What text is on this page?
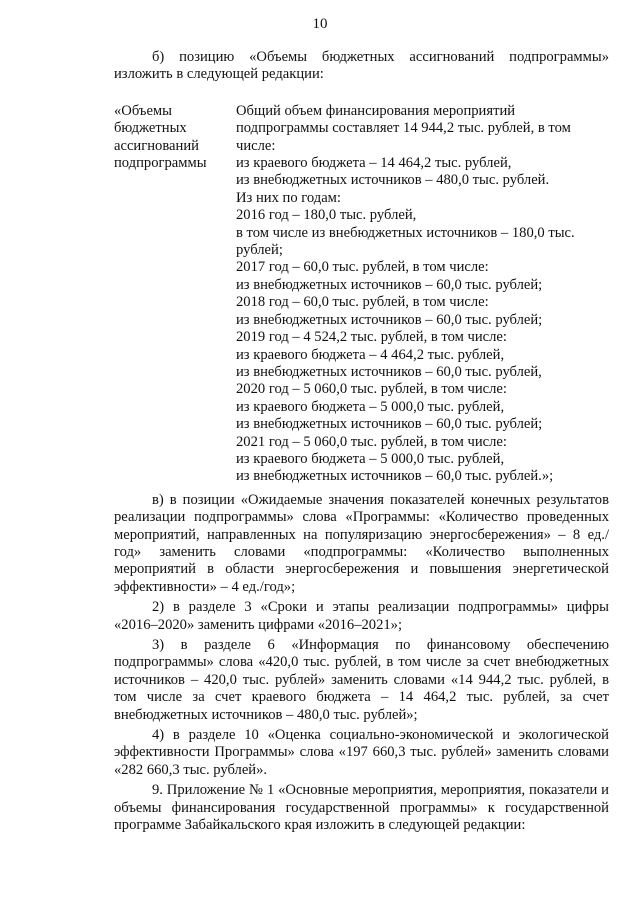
10

б) позицию «Объемы бюджетных ассигнований подпрограммы» изложить в следующей редакции:

«Объемы
бюджетных
ассигнований
подпрограммы
Общий объем финансирования мероприятий
подпрограммы составляет 14 944,2 тыс. рублей, в том
числе:
из краевого бюджета – 14 464,2 тыс. рублей,
из внебюджетных источников – 480,0 тыс. рублей.
Из них по годам:
2016 год – 180,0 тыс. рублей,
в том числе из внебюджетных источников – 180,0 тыс.
рублей;
2017 год – 60,0 тыс. рублей, в том числе:
из внебюджетных источников – 60,0 тыс. рублей;
2018 год – 60,0 тыс. рублей, в том числе:
из внебюджетных источников – 60,0 тыс. рублей;
2019 год – 4 524,2 тыс. рублей, в том числе:
из краевого бюджета – 4 464,2 тыс. рублей,
из внебюджетных источников – 60,0 тыс. рублей,
2020 год – 5 060,0 тыс. рублей, в том числе:
из краевого бюджета – 5 000,0 тыс. рублей,
из внебюджетных источников – 60,0 тыс. рублей;
2021 год – 5 060,0 тыс. рублей, в том числе:
из краевого бюджета – 5 000,0 тыс. рублей,
из внебюджетных источников – 60,0 тыс. рублей.»;

в) в позиции «Ожидаемые значения показателей конечных результатов реализации подпрограммы» слова «Программы: «Количество проведенных мероприятий, направленных на популяризацию энергосбережения» – 8 ед./год» заменить словами «подпрограммы: «Количество выполненных мероприятий в области энергосбережения и повышения энергетической эффективности» – 4 ед./год»;

2) в разделе 3 «Сроки и этапы реализации подпрограммы» цифры «2016–2020» заменить цифрами «2016–2021»;

3) в разделе 6 «Информация по финансовому обеспечению подпрограммы» слова «420,0 тыс. рублей, в том числе за счет внебюджетных источников – 420,0 тыс. рублей» заменить словами «14 944,2 тыс. рублей, в том числе за счет краевого бюджета – 14 464,2 тыс. рублей, за счет внебюджетных источников – 480,0 тыс. рублей»;

4) в разделе 10 «Оценка социально-экономической и экологической эффективности Программы» слова «197 660,3 тыс. рублей» заменить словами «282 660,3 тыс. рублей».

9. Приложение № 1 «Основные мероприятия, мероприятия, показатели и объемы финансирования государственной программы» к государственной программе Забайкальского края изложить в следующей редакции:
